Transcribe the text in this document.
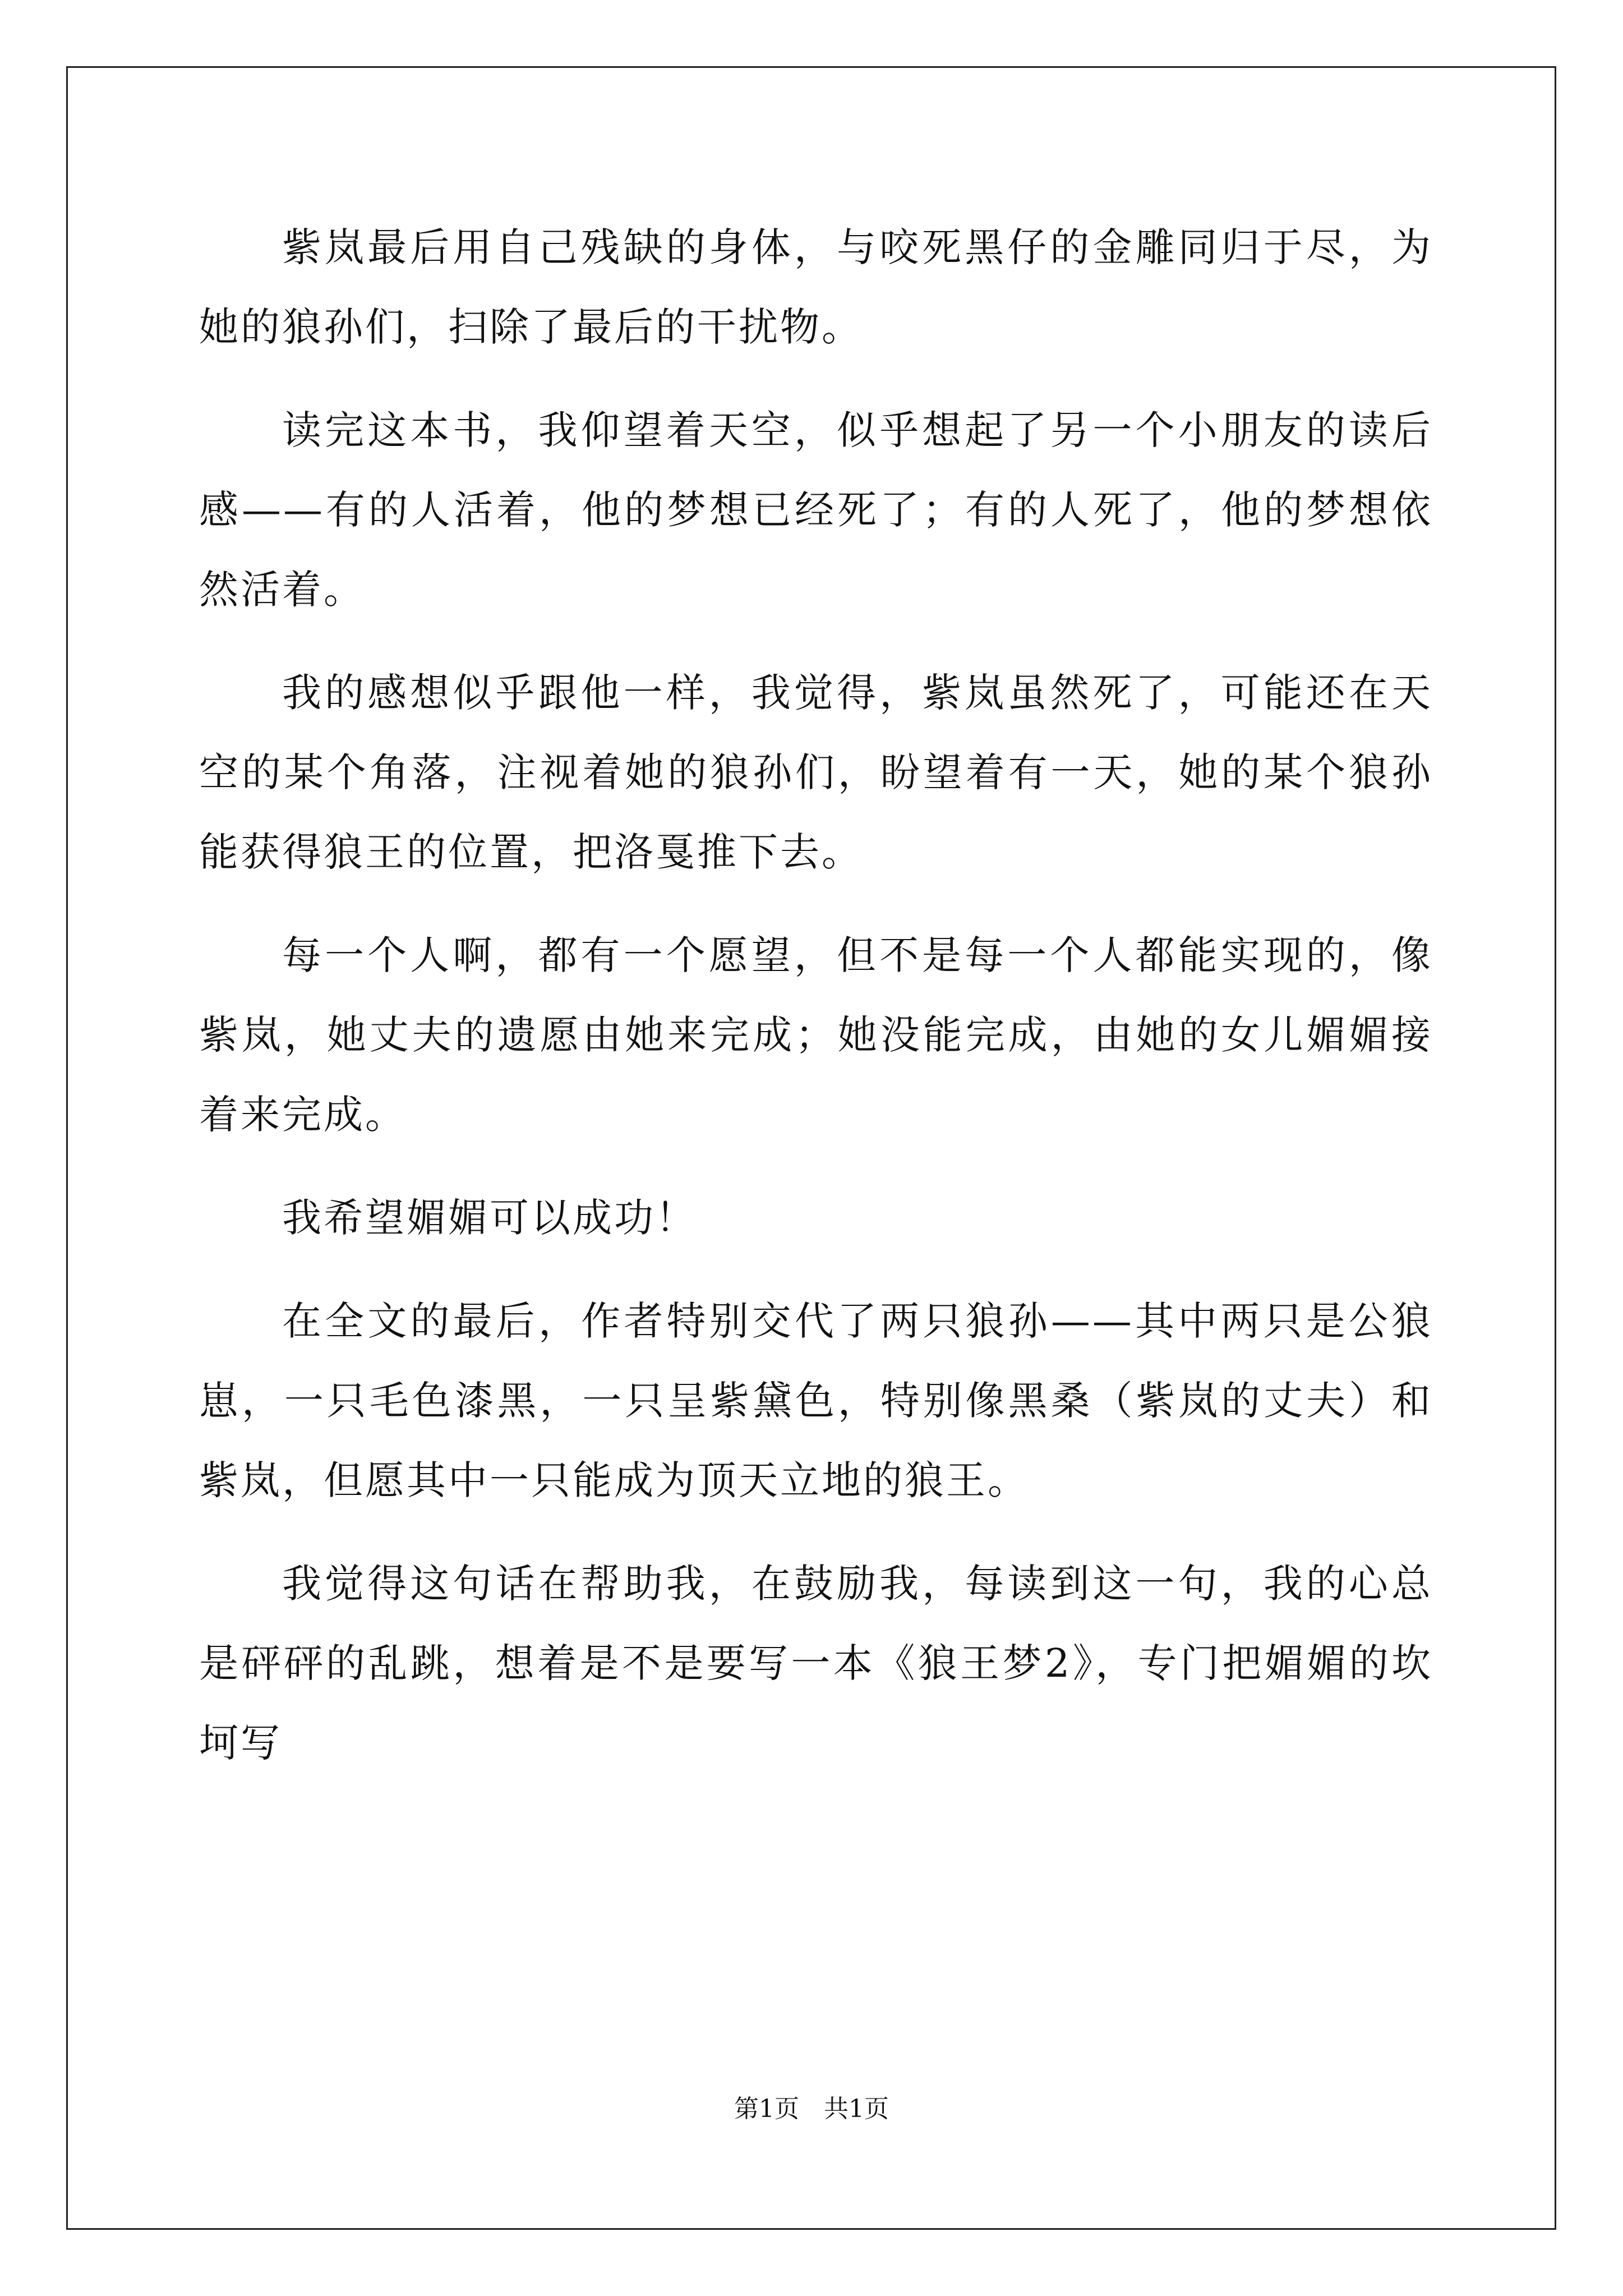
紫岚最后用自己残缺的身体，与咬死黑仔的金雕同归于尽，为她的狼孙们，扫除了最后的干扰物。

读完这本书，我仰望着天空，似乎想起了另一个小朋友的读后感——有的人活着，他的梦想已经死了；有的人死了，他的梦想依然活着。

我的感想似乎跟他一样，我觉得，紫岚虽然死了，可能还在天空的某个角落，注视着她的狼孙们，盼望着有一天，她的某个狼孙能获得狼王的位置，把洛戛推下去。

每一个人啊，都有一个愿望，但不是每一个人都能实现的，像紫岚，她丈夫的遗愿由她来完成；她没能完成，由她的女儿媚媚接着来完成。

我希望媚媚可以成功！

在全文的最后，作者特别交代了两只狼孙——其中两只是公狼崽，一只毛色漆黑，一只呈紫黛色，特别像黑桑（紫岚的丈夫）和紫岚，但愿其中一只能成为顶天立地的狼王。

我觉得这句话在帮助我，在鼓励我，每读到这一句，我的心总是砰砰的乱跳，想着是不是要写一本《狼王梦2》，专门把媚媚的坎坷写

第1页 共1页
